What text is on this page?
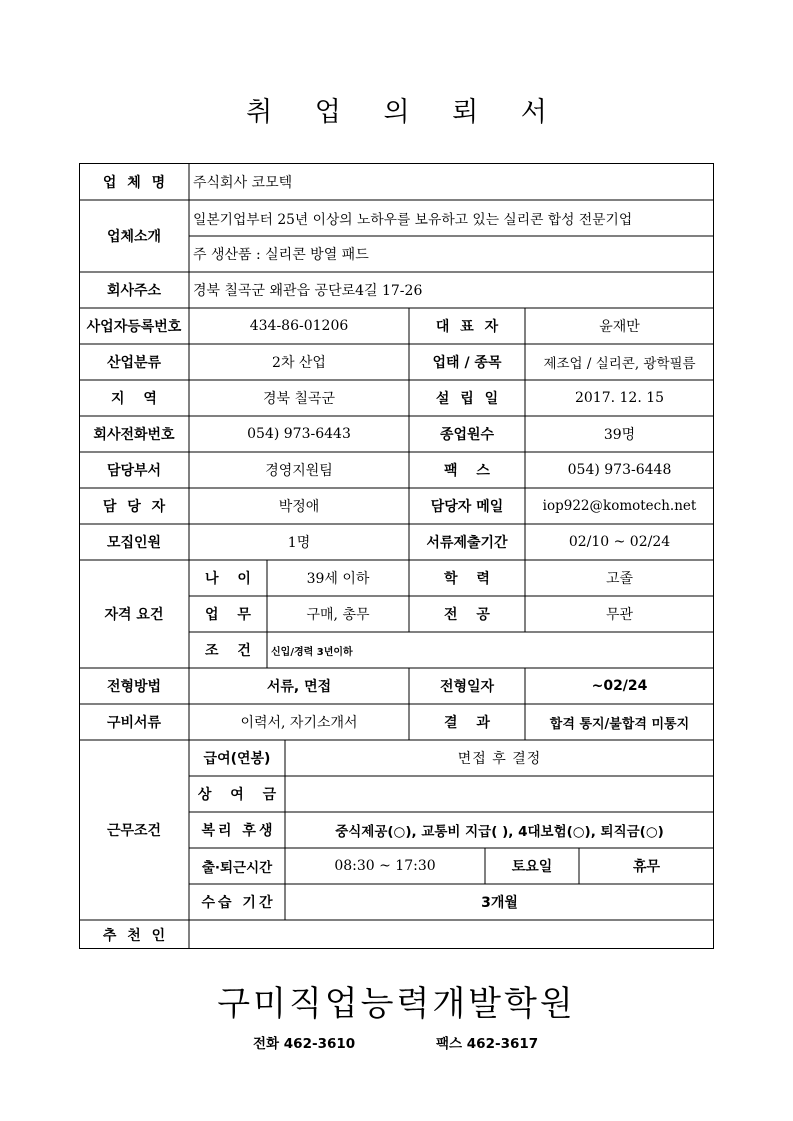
취 업 의 뢰 서
업 체 명	주식회사 코모텍
업체소개
일본기업부터 25년 이상의 노하우를 보유하고 있는 실리콘 합성 전문기업
주 생산품 : 실리콘 방열 패드
회사주소	경북 칠곡군 왜관읍 공단로4길 17-26
사업자등록번호	434-86-01206	대 표 자	윤재만
산업분류	2차 산업	업태 / 종목	제조업 / 실리콘, 광학필름
지 역	경북 칠곡군	설 립 일	2017. 12. 15
회사전화번호	054) 973-6443	종업원수	39명
담당부서	경영지원팀	팩 스	054) 973-6448
담 당 자	박정애	담당자 메일	iop922@komotech.net
모집인원	1명	서류제출기간	02/10 ~ 02/24
자격 요건
나 이	39세 이하	학 력	고졸
업 무	구매, 총무	전 공	무관
조 건	신입/경력 3년이하
전형방법	서류, 면접	전형일자	~02/24
구비서류	이력서, 자기소개서	결 과	합격 통지/불합격 미통지
근무조건
급여(연봉)	면접 후 결정
상 여 금
복리 후생	중식제공(○), 교통비 지급( ), 4대보험(○), 퇴직금(○)
출·퇴근시간	08:30 ~ 17:30	토요일	휴무
수습 기간	3개월
추 천 인
구미직업능력개발학원
전화 462-3610	팩스 462-3617
